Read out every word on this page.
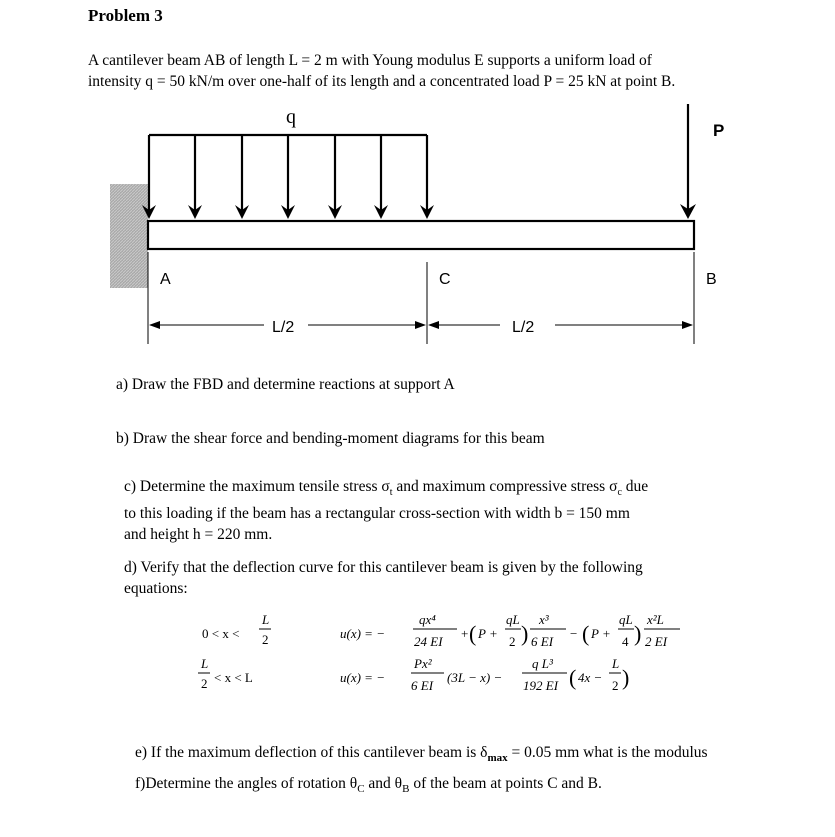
Problem 3
A cantilever beam AB of length L = 2 m with Young modulus E supports a uniform load of
intensity q = 50 kN/m over one-half of its length and a concentrated load P = 25 kN at point B.
q
P
A	C	B
L/2	L/2
a) Draw the FBD and determine reactions at support A
b) Draw the shear force and bending-moment diagrams for this beam
c) Determine the maximum tensile stress $\sigma_t$ and maximum compressive stress $\sigma_c$ due
to this loading if the beam has a rectangular cross-section with width b = 150 mm
and height h = 220 mm.
d) Verify that the deflection curve for this cantilever beam is given by the following
equations:
0 < x <
L
2	u(x) = −
qx⁴
24 EI
+ ( P +
qL
2 )
x³
6 EI
− ( P +
qL
4 )
x²L
2 EI
L
2 < x < L	u(x) = −
Px²
6 EI
(3L − x) −
q L³
192 EI ( 4x −
L
2 )
e) If the maximum deflection of this cantilever beam is $\delta_{max} = 0.05$ mm what is the modulus
f)Determine the angles of rotation $\theta_C$ and $\theta_B$ of the beam at points C and B.
